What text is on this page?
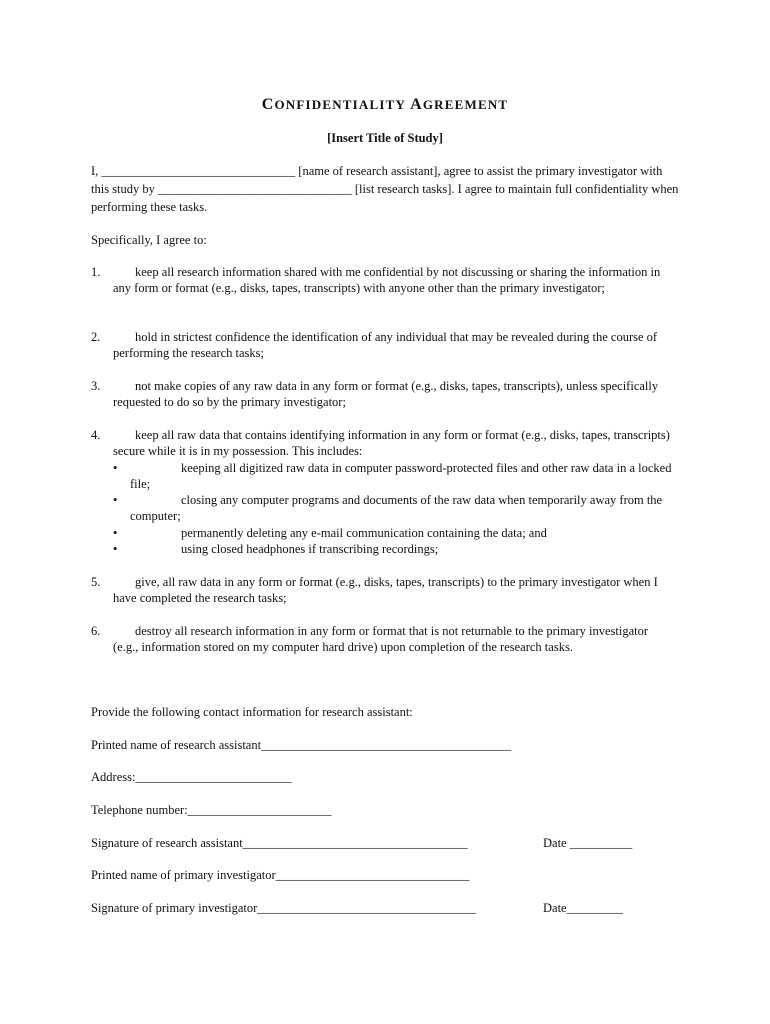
CONFIDENTIALITY AGREEMENT
[Insert Title of Study]
I, _______________________________ [name of research assistant], agree to assist the primary investigator with this study by _______________________________ [list research tasks]. I agree to maintain full confidentiality when performing these tasks.
Specifically, I agree to:
1.	keep all research information shared with me confidential by not discussing or sharing the information in any form or format (e.g., disks, tapes, transcripts) with anyone other than the primary investigator;
2.	hold in strictest confidence the identification of any individual that may be revealed during the course of performing the research tasks;
3.	not make copies of any raw data in any form or format (e.g., disks, tapes, transcripts), unless specifically requested to do so by the primary investigator;
4.	keep all raw data that contains identifying information in any form or format (e.g., disks, tapes, transcripts) secure while it is in my possession. This includes:
•	keeping all digitized raw data in computer password-protected files and other raw data in a locked file;
•	closing any computer programs and documents of the raw data when temporarily away from the computer;
•	permanently deleting any e-mail communication containing the data; and
•	using closed headphones if transcribing recordings;
5.	give, all raw data in any form or format (e.g., disks, tapes, transcripts) to the primary investigator when I have completed the research tasks;
6.	destroy all research information in any form or format that is not returnable to the primary investigator (e.g., information stored on my computer hard drive) upon completion of the research tasks.
Provide the following contact information for research assistant:
Printed name of research assistant________________________________________
Address:_________________________
Telephone number:_______________________
Signature of research assistant____________________________________	Date __________
Printed name of primary investigator_______________________________
Signature of primary investigator___________________________________	Date_________
